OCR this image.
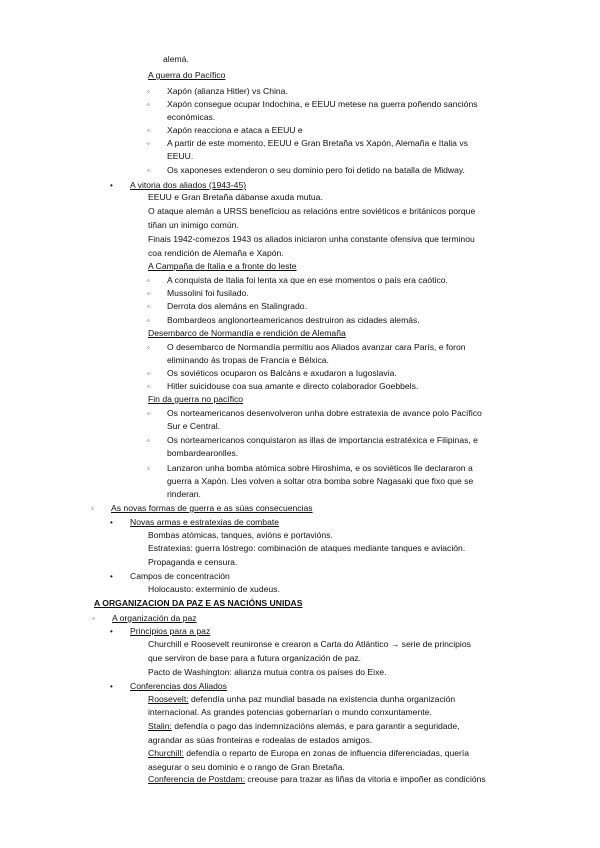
alemá.
A guerra do Pacífico
Xapón (alianza Hitler) vs China.
◦
Xapón consegue ocupar Indochina, e EEUU metese na guerra poñendo sancións
◦
económicas.
Xapón reacciona e ataca a EEUU e
◦
A partir de este momento, EEUU e Gran Bretaña vs Xapón, Alemaña e Italia vs
◦
EEUU.
Os xaponeses extenderon o seu dominio pero foi detido na batalla de Midway.
◦
A vitoria dos aliados (1943-45)
•
EEUU e Gran Bretaña dábanse axuda mutua.
O ataque alemán a URSS benefíciou as relacións entre soviéticos e británicos porque
tiñan un inimigo común.
Finais 1942-comezos 1943 os aliados iniciaron unha constante ofensiva que terminou
coa rendición de Alemaña e Xapón.
A Campaña de Italia e a fronte do leste
A conquista de Italia foi lenta xa que en ese momentos o país era caótico.
◦
Mussolini foi fusilado.
◦
Derrota dos alemáns en Stalingrado.
◦
Bombardeos anglonorteamericanos destruiron as cidades alemás.
◦
Desembarco de Normandía e rendición de Alemaña
O desembarco de Normandía permitiu aos Aliados avanzar cara París, e foron
◦
eliminando ás tropas de Francia e Bélxica.
Os soviéticos ocuparon os Balcáns e axudaron a Iugoslavia.
◦
Hitler suicidouse coa sua amante e directo colaborador Goebbels.
◦
Fin da guerra no pacífico
Os norteamericanos desenvolveron unha dobre estratexia de avance polo Pacífico
◦
Sur e Central.
Os norteamericanos conquistaron as illas de importancia estratéxica e Filipinas, e
◦
bombardearonlles.
Lanzaron unha bomba atómica sobre Hiroshima, e os soviéticos lle declararon a
◦
guerra a Xapón. Lles volven a soltar otra bomba sobre Nagasaki que fixo que se
rinderan.
As novas formas de guerra e as súas consecuencias
◦
Novas armas e estratexias de combate
•
Bombas atómicas, tanques, avións e portavións.
Estratexias: guerra lóstrego: combinación de ataques mediante tanques e aviación.
Propaganda e censura.
Campos de concentración
•
Holocausto: exterminio de xudeus.
A ORGANIZACION DA PAZ E AS NACIÓNS UNIDAS
A organización da paz
◦
Principios para a paz
•
Churchill e Roosevelt reunironse e crearon a Carta do Atlántico → serie de principios
que serviron de base para a futura organización de paz.
Pacto de Washington: alianza mutua contra os países do Eixe.
Conferencias dos Aliados
•
Roosevelt: defendía unha paz mundial basada na existencia dunha organización
internacional. As grandes potencias gobernarían o mundo conxuntamente.
Stalin: defendía o pago das indemnizacións alemás, e para garantir a seguridade,
agrandar as súas fronteiras e rodealas de estados amigos.
Churchill: defendía o reparto de Europa en zonas de influencia diferenciadas, quería
asegurar o seu dominio e o rango de Gran Bretaña.
Conferencia de Postdam: creouse para trazar as liñas da vitoria e impoñer as condicións
